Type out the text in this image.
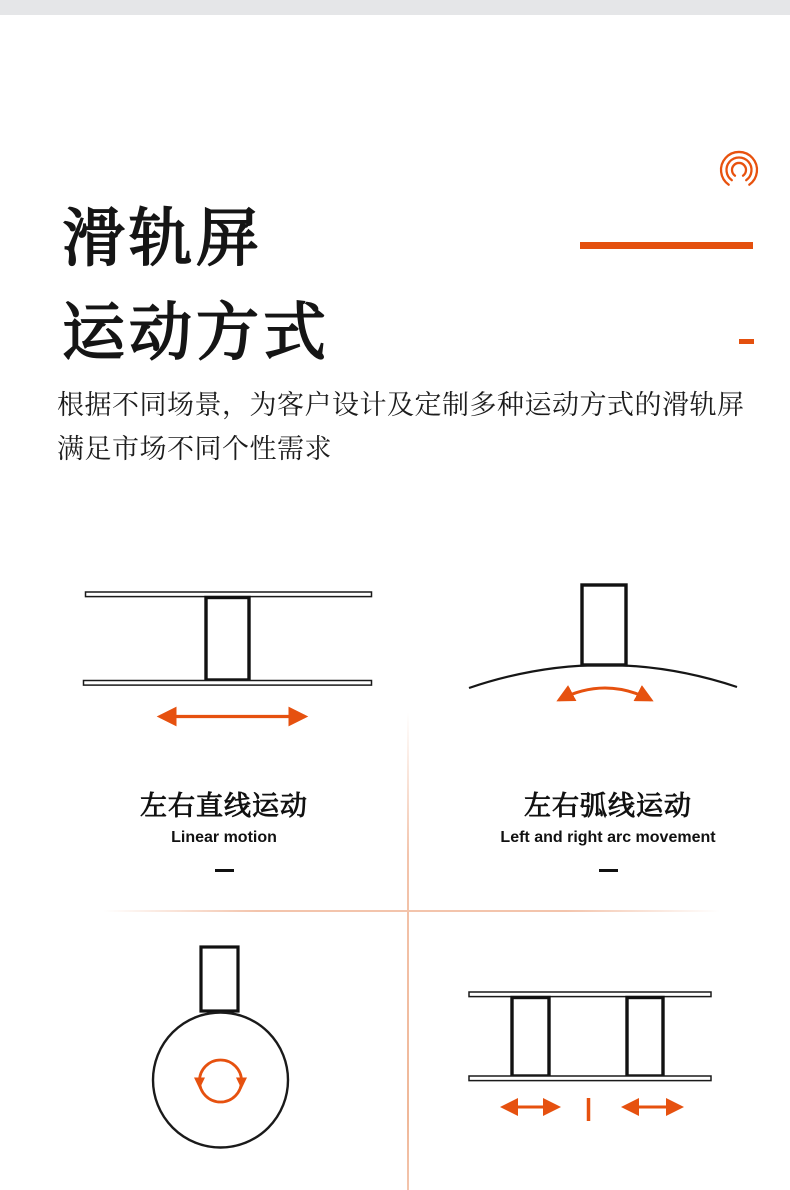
滑轨屏
运动方式
根据不同场景，为客户设计及定制多种运动方式的滑轨屏
满足市场不同个性需求
左右直线运动
Linear motion
左右弧线运动
Left and right arc movement
